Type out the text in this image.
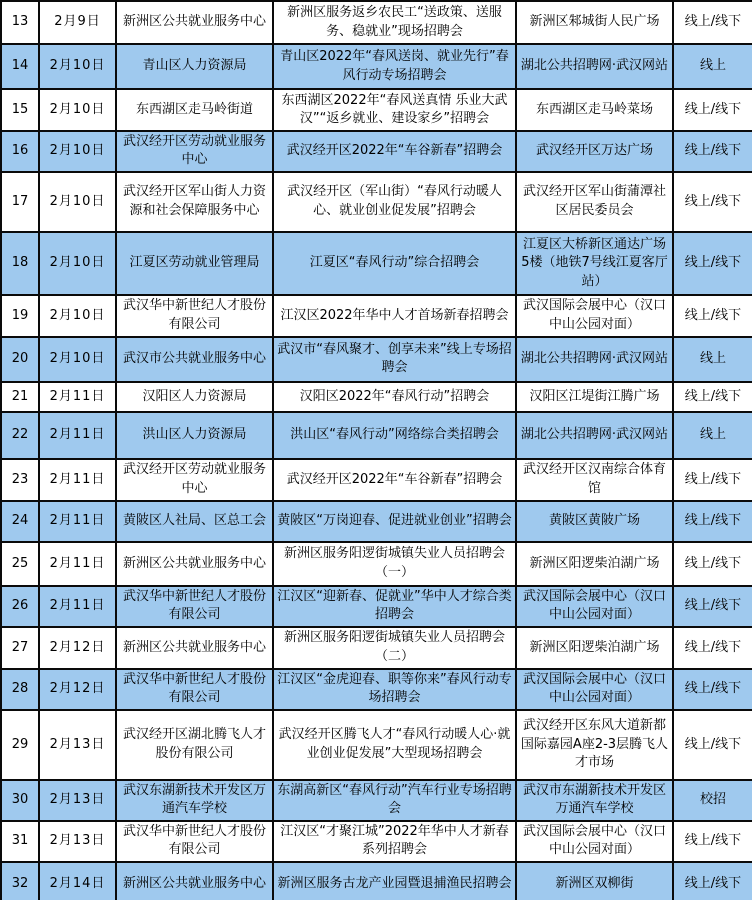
13	2月9日	新洲区公共就业服务中心	新洲区服务返乡农民工“送政策、送服务、稳就业”现场招聘会	新洲区邾城街人民广场	线上/线下
14	2月10日	青山区人力资源局	青山区2022年“春风送岗、就业先行”春风行动专场招聘会	湖北公共招聘网·武汉网站	线上
15	2月10日	东西湖区走马岭街道	东西湖区2022年“春风送真情 乐业大武汉”“返乡就业、建设家乡”招聘会	东西湖区走马岭菜场	线上/线下
16	2月10日	武汉经开区劳动就业服务中心	武汉经开区2022年“车谷新春”招聘会	武汉经开区万达广场	线上/线下
17	2月10日	武汉经开区军山街人力资源和社会保障服务中心	武汉经开区（军山街）“春风行动暖人心、就业创业促发展”招聘会	武汉经开区军山街蒲潭社区居民委员会	线上/线下
18	2月10日	江夏区劳动就业管理局	江夏区“春风行动”综合招聘会	江夏区大桥新区通达广场5楼（地铁7号线江夏客厅站）	线上/线下
19	2月10日	武汉华中新世纪人才股份有限公司	江汉区2022年华中人才首场新春招聘会	武汉国际会展中心（汉口中山公园对面）	线上/线下
20	2月10日	武汉市公共就业服务中心	武汉市“春风聚才、创享未来”线上专场招聘会	湖北公共招聘网·武汉网站	线上
21	2月11日	汉阳区人力资源局	汉阳区2022年“春风行动”招聘会	汉阳区江堤街江腾广场	线上/线下
22	2月11日	洪山区人力资源局	洪山区“春风行动”网络综合类招聘会	湖北公共招聘网·武汉网站	线上
23	2月11日	武汉经开区劳动就业服务中心	武汉经开区2022年“车谷新春”招聘会	武汉经开区汉南综合体育馆	线上/线下
24	2月11日	黄陂区人社局、区总工会	黄陂区“万岗迎春、促进就业创业”招聘会	黄陂区黄陂广场	线上/线下
25	2月11日	新洲区公共就业服务中心	新洲区服务阳逻街城镇失业人员招聘会（一）	新洲区阳逻柴泊湖广场	线上/线下
26	2月11日	武汉华中新世纪人才股份有限公司	江汉区“迎新春、促就业”华中人才综合类招聘会	武汉国际会展中心（汉口中山公园对面）	线上/线下
27	2月12日	新洲区公共就业服务中心	新洲区服务阳逻街城镇失业人员招聘会（二）	新洲区阳逻柴泊湖广场	线上/线下
28	2月12日	武汉华中新世纪人才股份有限公司	江汉区“金虎迎春、职等你来”春风行动专场招聘会	武汉国际会展中心（汉口中山公园对面）	线上/线下
29	2月13日	武汉经开区湖北腾飞人才股份有限公司	武汉经开区腾飞人才“春风行动暖人心·就业创业促发展”大型现场招聘会	武汉经开区东风大道新都国际嘉园A座2-3层腾飞人才市场	线上/线下
30	2月13日	武汉东湖新技术开发区万通汽车学校	东湖高新区“春风行动”汽车行业专场招聘会	武汉市东湖新技术开发区万通汽车学校	校招
31	2月13日	武汉华中新世纪人才股份有限公司	江汉区“才聚江城”2022年华中人才新春系列招聘会	武汉国际会展中心（汉口中山公园对面）	线上/线下
32	2月14日	新洲区公共就业服务中心	新洲区服务古龙产业园暨退捕渔民招聘会	新洲区双柳街	线上/线下
